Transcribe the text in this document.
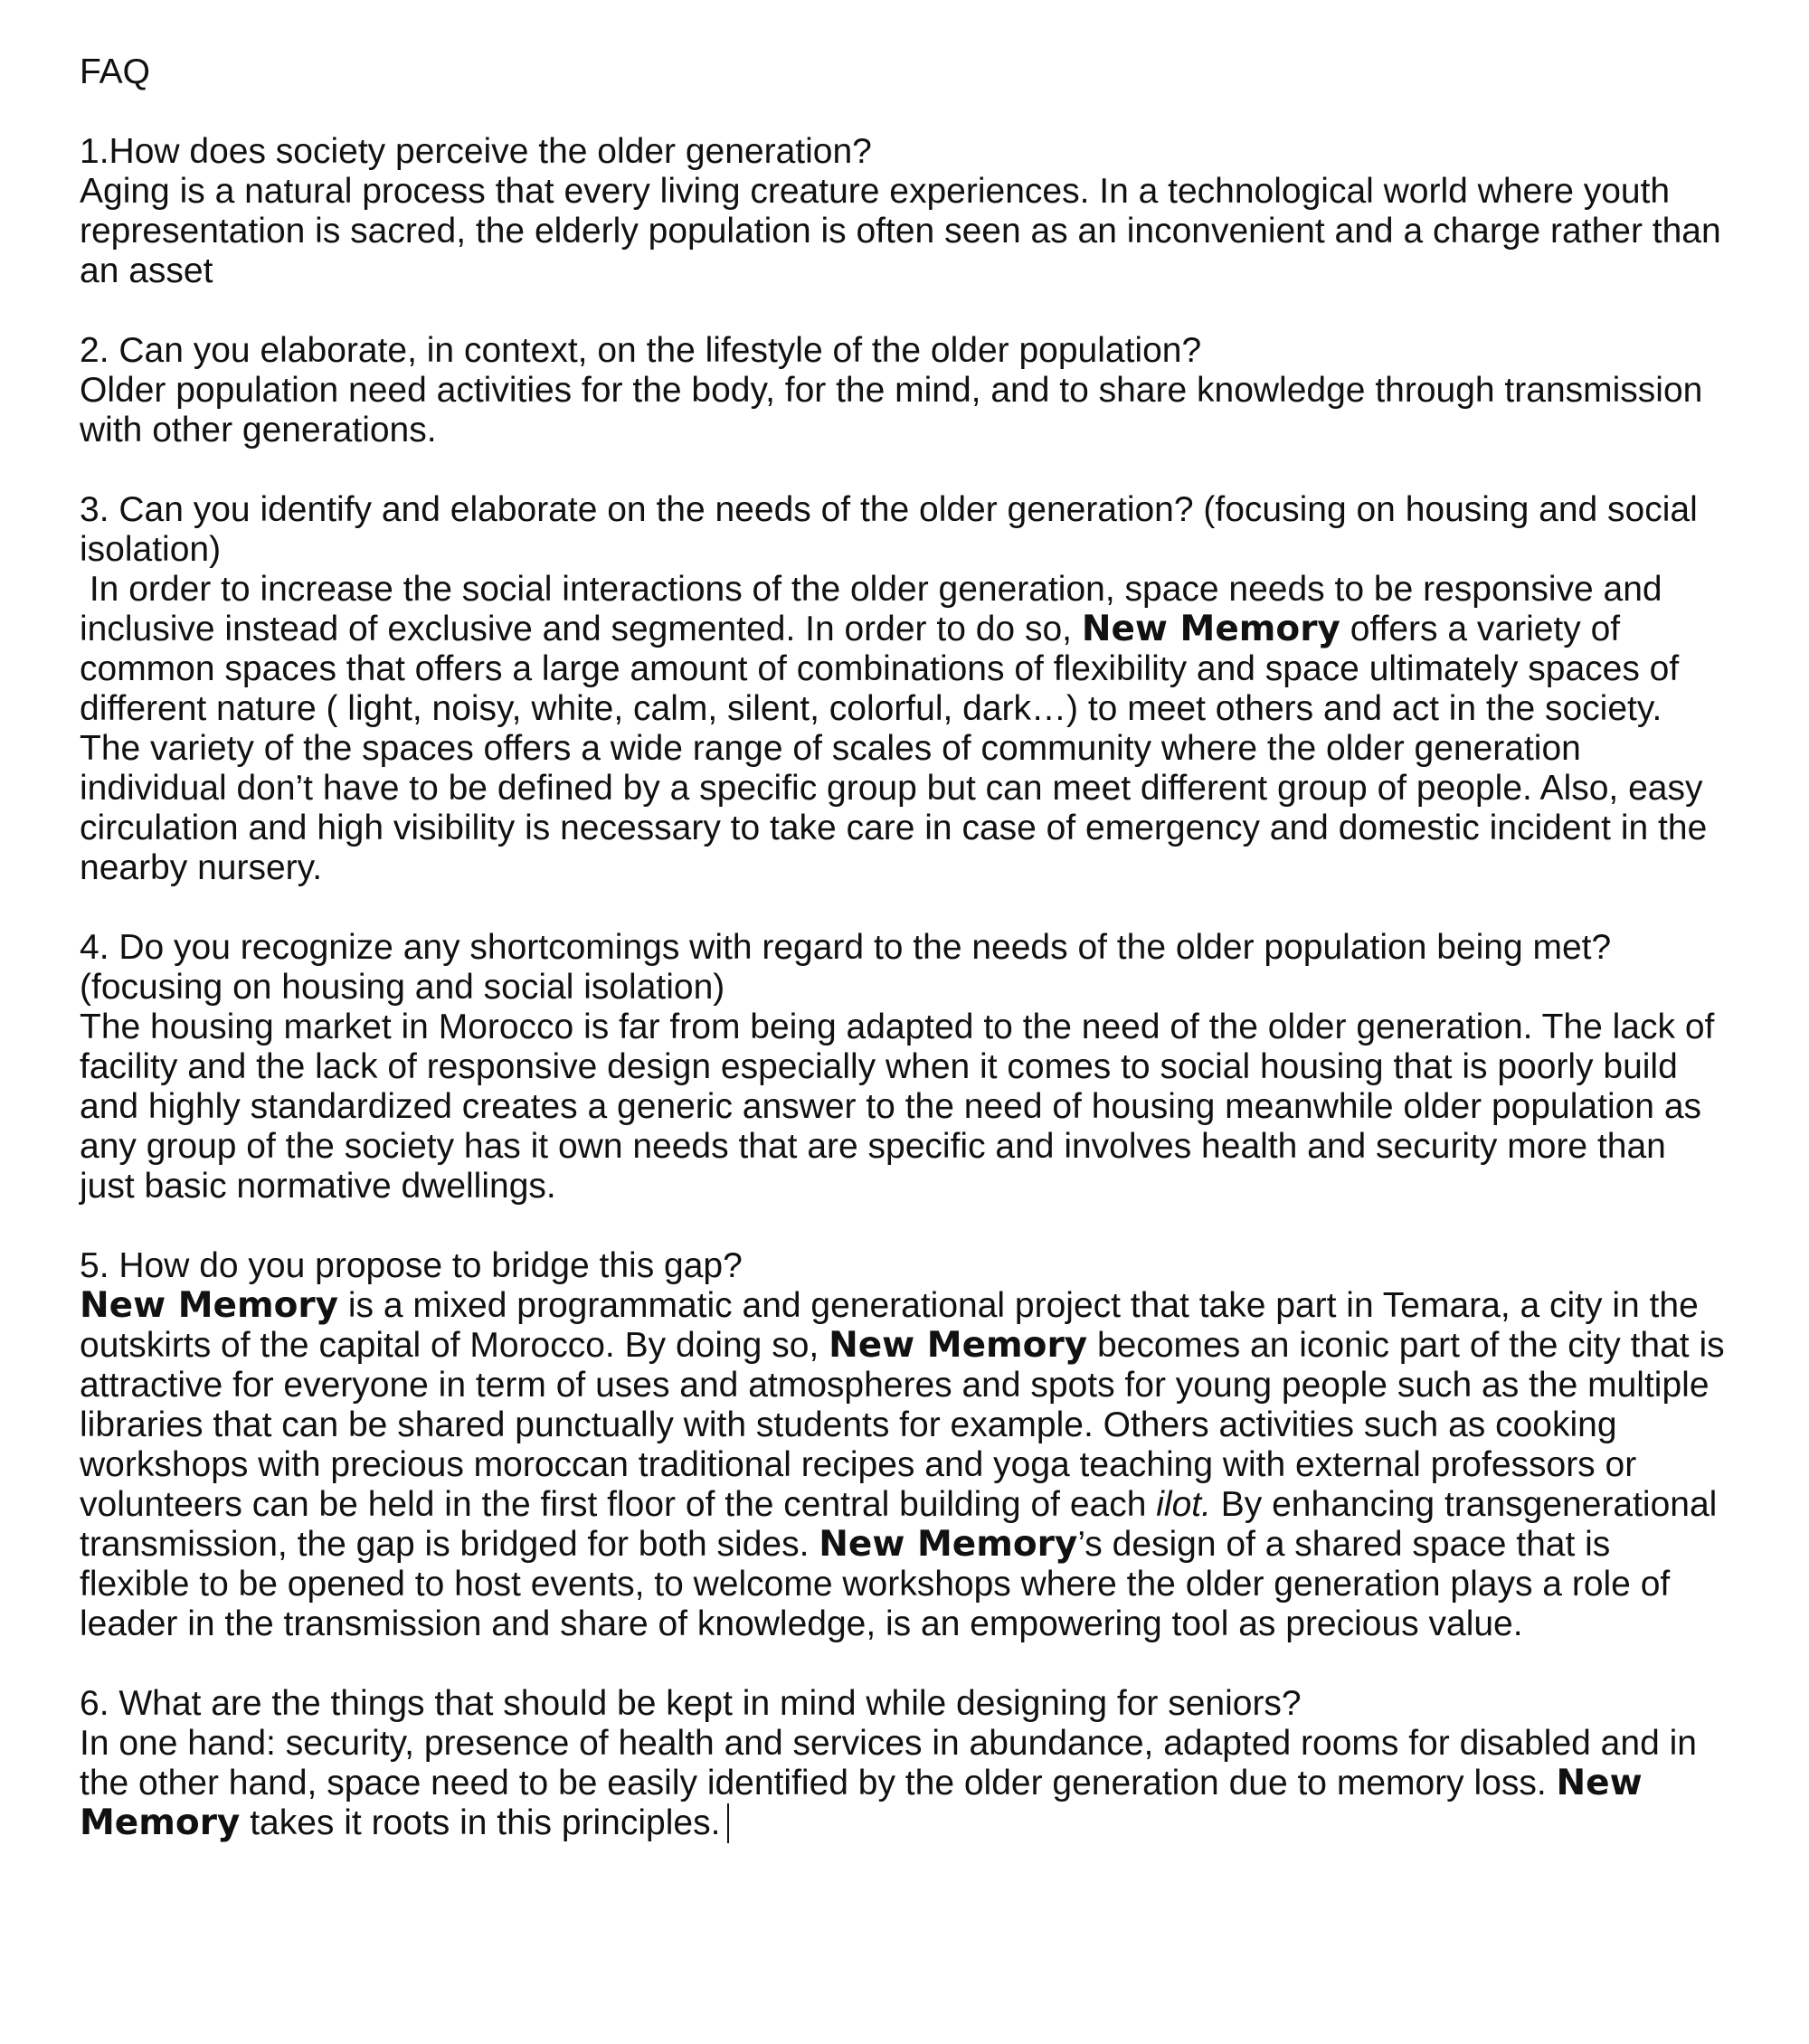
FAQ
1.How does society perceive the older generation?
Aging is a natural process that every living creature experiences. In a technological world where youth representation is sacred, the elderly population is often seen as an inconvenient and a charge rather than an asset
2. Can you elaborate, in context, on the lifestyle of the older population?
Older population need activities for the body, for the mind, and to share knowledge through transmission with other generations.
3. Can you identify and elaborate on the needs of the older generation? (focusing on housing and social isolation)
In order to increase the social interactions of the older generation, space needs to be responsive and inclusive instead of exclusive and segmented. In order to do so, New Memory offers a variety of common spaces that offers a large amount of combinations of flexibility and space ultimately spaces of different nature ( light, noisy, white, calm, silent, colorful, dark…) to meet others and act in the society. The variety of the spaces offers a wide range of scales of community where the older generation individual don’t have to be defined by a specific group but can meet different group of people. Also, easy circulation and high visibility is necessary to take care in case of emergency and domestic incident in the nearby nursery.
4. Do you recognize any shortcomings with regard to the needs of the older population being met? (focusing on housing and social isolation)
The housing market in Morocco is far from being adapted to the need of the older generation. The lack of facility and the lack of responsive design especially when it comes to social housing that is poorly build and highly standardized creates a generic answer to the need of housing meanwhile older population as any group of the society has it own needs that are specific and involves health and security more than just basic normative dwellings.
5. How do you propose to bridge this gap?
New Memory is a mixed programmatic and generational project that take part in Temara, a city in the outskirts of the capital of Morocco. By doing so, New Memory becomes an iconic part of the city that is attractive for everyone in term of uses and atmospheres and spots for young people such as the multiple libraries that can be shared punctually with students for example. Others activities such as cooking workshops with precious moroccan traditional recipes and yoga teaching with external professors or volunteers can be held in the first floor of the central building of each ilot. By enhancing transgenerational transmission, the gap is bridged for both sides. New Memory’s design of a shared space that is flexible to be opened to host events, to welcome workshops where the older generation plays a role of leader in the transmission and share of knowledge, is an empowering tool as precious value.
6. What are the things that should be kept in mind while designing for seniors?
In one hand: security, presence of health and services in abundance, adapted rooms for disabled and in the other hand, space need to be easily identified by the older generation due to memory loss. New Memory takes it roots in this principles.
